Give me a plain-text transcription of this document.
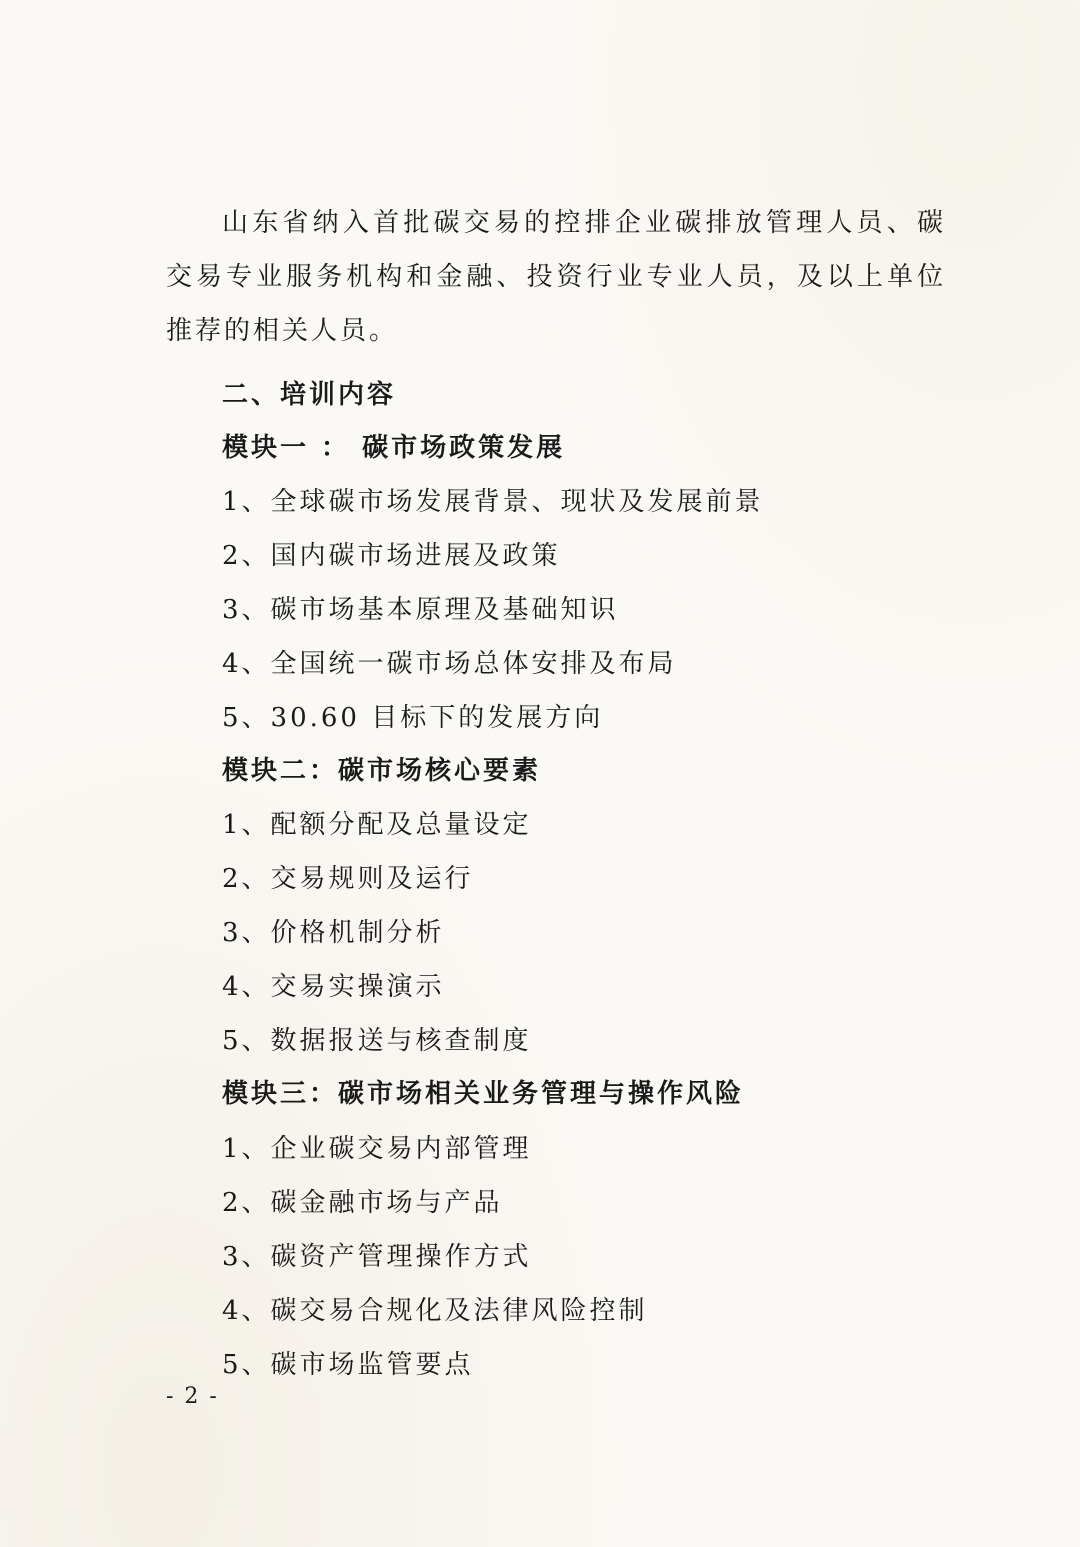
山东省纳入首批碳交易的控排企业碳排放管理人员、碳交易专业服务机构和金融、投资行业专业人员，及以上单位推荐的相关人员。
二、培训内容
模块一 ： 碳市场政策发展
1、全球碳市场发展背景、现状及发展前景
2、国内碳市场进展及政策
3、碳市场基本原理及基础知识
4、全国统一碳市场总体安排及布局
5、30.60 目标下的发展方向
模块二：碳市场核心要素
1、配额分配及总量设定
2、交易规则及运行
3、价格机制分析
4、交易实操演示
5、数据报送与核查制度
模块三：碳市场相关业务管理与操作风险
1、企业碳交易内部管理
2、碳金融市场与产品
3、碳资产管理操作方式
4、碳交易合规化及法律风险控制
5、碳市场监管要点
- 2 -
